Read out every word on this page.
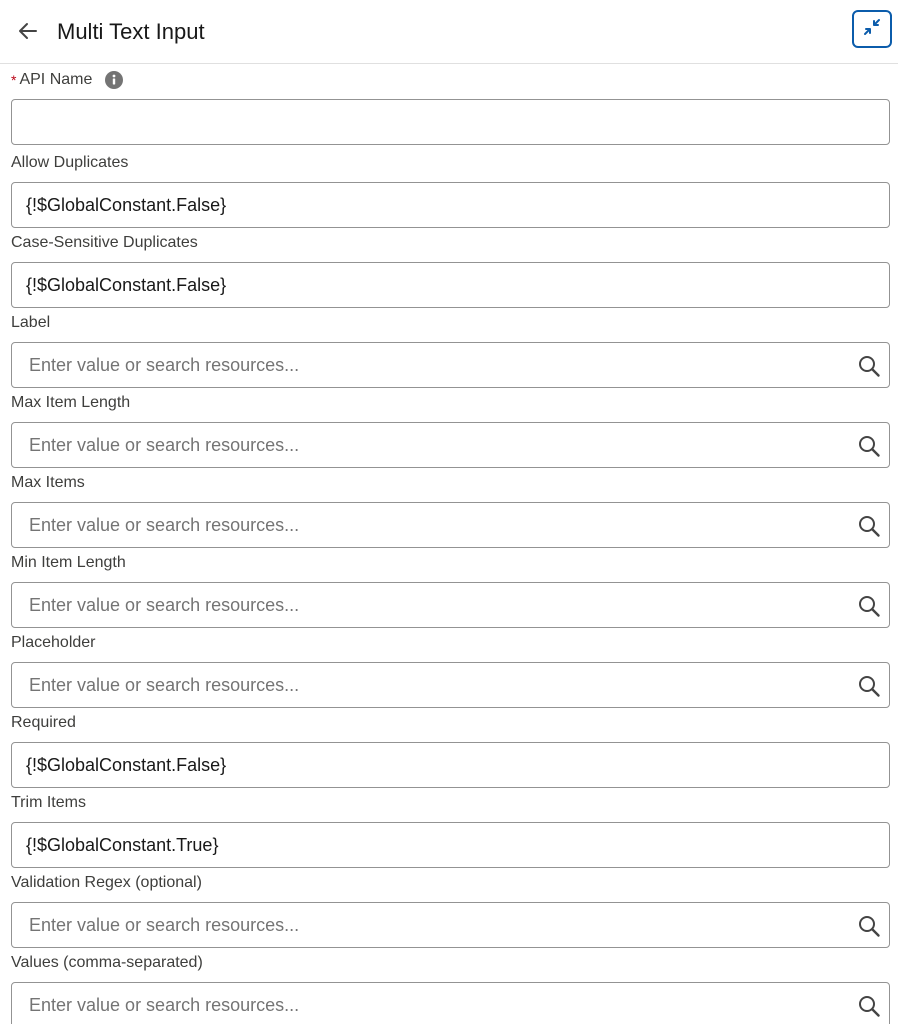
Multi Text Input
* API Name
Allow Duplicates
{!$GlobalConstant.False}
Case-Sensitive Duplicates
{!$GlobalConstant.False}
Label
Enter value or search resources...
Max Item Length
Enter value or search resources...
Max Items
Enter value or search resources...
Min Item Length
Enter value or search resources...
Placeholder
Enter value or search resources...
Required
{!$GlobalConstant.False}
Trim Items
{!$GlobalConstant.True}
Validation Regex (optional)
Enter value or search resources...
Values (comma-separated)
Enter value or search resources...
